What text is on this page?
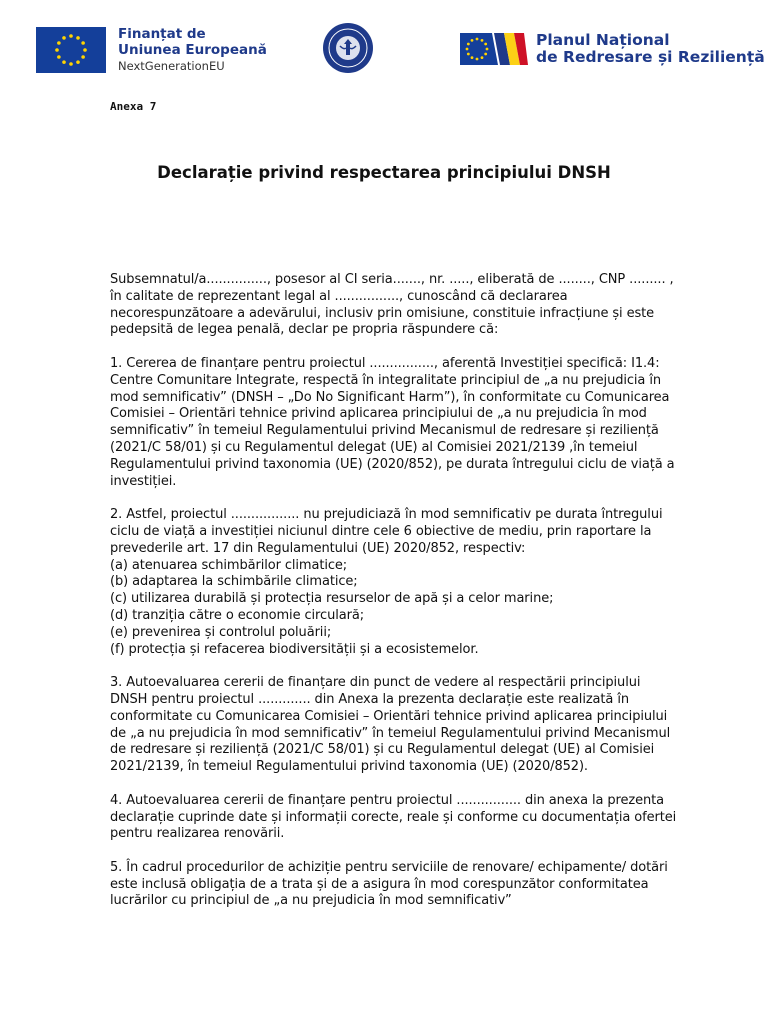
Finanțat de
Uniunea Europeană
NextGenerationEU
Planul Național
de Redresare și Reziliență
Anexa 7
Declarație privind respectarea principiului DNSH

Subsemnatul/a..............., posesor al CI seria......., nr. ....., eliberată de ........, CNP ......... , în calitate de reprezentant legal al ................, cunoscând că declararea necorespunzătoare a adevărului, inclusiv prin omisiune, constituie infracțiune și este pedepsită de legea penală, declar pe propria răspundere că:

1. Cererea de finanțare pentru proiectul ................, aferentă Investiției specifică: I1.4: Centre Comunitare Integrate, respectă în integralitate principiul de „a nu prejudicia în mod semnificativ” (DNSH – „Do No Significant Harm”), în conformitate cu Comunicarea Comisiei – Orientări tehnice privind aplicarea principiului de „a nu prejudicia în mod semnificativ” în temeiul Regulamentului privind Mecanismul de redresare și reziliență (2021/C 58/01) și cu Regulamentul delegat (UE) al Comisiei 2021/2139 ,în temeiul Regulamentului privind taxonomia (UE) (2020/852), pe durata întregului ciclu de viață a investiției.

2. Astfel, proiectul ................. nu prejudiciază în mod semnificativ pe durata întregului ciclu de viață a investiției niciunul dintre cele 6 obiective de mediu, prin raportare la prevederile art. 17 din Regulamentului (UE) 2020/852, respectiv:

(a) atenuarea schimbărilor climatice;
(b) adaptarea la schimbările climatice;
(c) utilizarea durabilă și protecția resurselor de apă și a celor marine;
(d) tranziția către o economie circulară;
(e) prevenirea și controlul poluării;
(f) protecția și refacerea biodiversității și a ecosistemelor.

3. Autoevaluarea cererii de finanțare din punct de vedere al respectării principiului DNSH pentru proiectul ............. din Anexa la prezenta declarație este realizată în conformitate cu Comunicarea Comisiei – Orientări tehnice privind aplicarea principiului de „a nu prejudicia în mod semnificativ” în temeiul Regulamentului privind Mecanismul de redresare și reziliență (2021/C 58/01) și cu Regulamentul delegat (UE) al Comisiei 2021/2139, în temeiul Regulamentului privind taxonomia (UE) (2020/852).

4. Autoevaluarea cererii de finanțare pentru proiectul ................ din anexa la prezenta declarație cuprinde date și informații corecte, reale și conforme cu documentația ofertei pentru realizarea renovării.

5. În cadrul procedurilor de achiziție pentru serviciile de renovare/ echipamente/ dotări este inclusă obligația de a trata și de a asigura în mod corespunzător conformitatea lucrărilor cu principiul de „a nu prejudicia în mod semnificativ”
